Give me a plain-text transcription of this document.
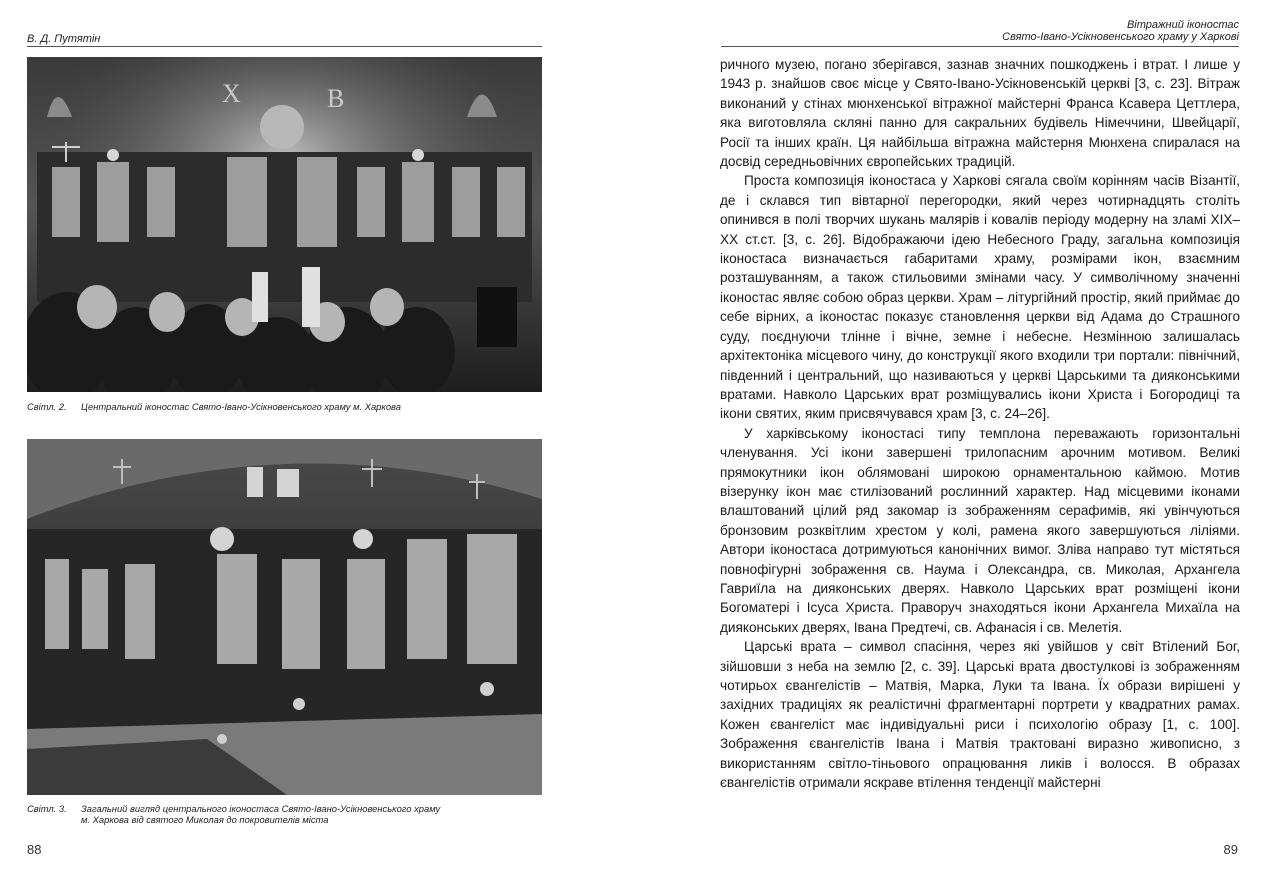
В. Д. Путятін
Х	В
Світл. 2. Центральний іконостас Свято-Івано-Усікновенського храму м. Харкова
Світл. 3. Загальний вигляд центрального іконостаса Свято-Івано-Усікновенського храму
м. Харкова від святого Миколая до покровителів міста
88
Вітражний іконостас
Свято-Івано-Усікновенського храму у Харкові

ричного музею, погано зберігався, зазнав значних пошкоджень і втрат. І лише у 1943 р. знайшов своє місце у Свято-Івано-Усікновенській церкві [3, с. 23]. Вітраж виконаний у стінах мюнхенської вітражної майстерні Франса Ксавера Цеттлера, яка виготовляла скляні панно для сакральних будівель Німеччини, Швейцарії, Росії та інших країн. Ця найбільша вітражна майстерня Мюнхена спиралася на досвід середньовічних європейських традицій.

Проста композиція іконостаса у Харкові сягала своїм корінням часів Візантії, де і склався тип вівтарної перегородки, який через чотирнадцять століть опинився в полі творчих шукань малярів і ковалів періоду модерну на зламі XIX–XX ст.ст. [3, с. 26]. Відображаючи ідею Небесного Граду, загальна композиція іконостаса визначається габаритами храму, розмірами ікон, взаємним розташуванням, а також стильовими змінами часу. У символічному значенні іконостас являє собою образ церкви. Храм – літургійний простір, який приймає до себе вірних, а іконостас показує становлення церкви від Адама до Страшного суду, поєднуючи тлінне і вічне, земне і небесне. Незмінною залишалась архітектоніка місцевого чину, до конструкції якого входили три портали: північний, південний і центральний, що називаються у церкві Царськими та дияконськими вратами. Навколо Царських врат розміщувались ікони Христа і Богородиці та ікони святих, яким присвячувався храм [3, с. 24–26].

У харківському іконостасі типу темплона переважають горизонтальні членування. Усі ікони завершені трилопасним арочним мотивом. Великі прямокутники ікон облямовані широкою орнаментальною каймою. Мотив візерунку ікон має стилізований рослинний характер. Над місцевими іконами влаштований цілий ряд закомар із зображенням серафимів, які увінчуються бронзовим розквітлим хрестом у колі, рамена якого завершуються ліліями. Автори іконостаса дотримуються канонічних вимог. Зліва направо тут містяться повнофігурні зображення св. Наума і Олександра, св. Миколая, Архангела Гавриїла на дияконських дверях. Навколо Царських врат розміщені ікони Богоматері і Ісуса Христа. Праворуч знаходяться ікони Архангела Михаїла на дияконських дверях, Івана Предтечі, св. Афанасія і св. Мелетія.

Царські врата – символ спасіння, через які увійшов у світ Втілений Бог, зійшовши з неба на землю [2, с. 39]. Царські врата двостулкові із зображенням чотирьох євангелістів – Матвія, Марка, Луки та Івана. Їх образи вирішені у західних традиціях як реалістичні фрагментарні портрети у квадратних рамах. Кожен євангеліст має індивідуальні риси і психологію образу [1, с. 100]. Зображення євангелістів Івана і Матвія трактовані виразно живописно, з використанням світло-тіньового опрацювання ликів і волосся. В образах євангелістів отримали яскраве втілення тенденції майстерні

89
